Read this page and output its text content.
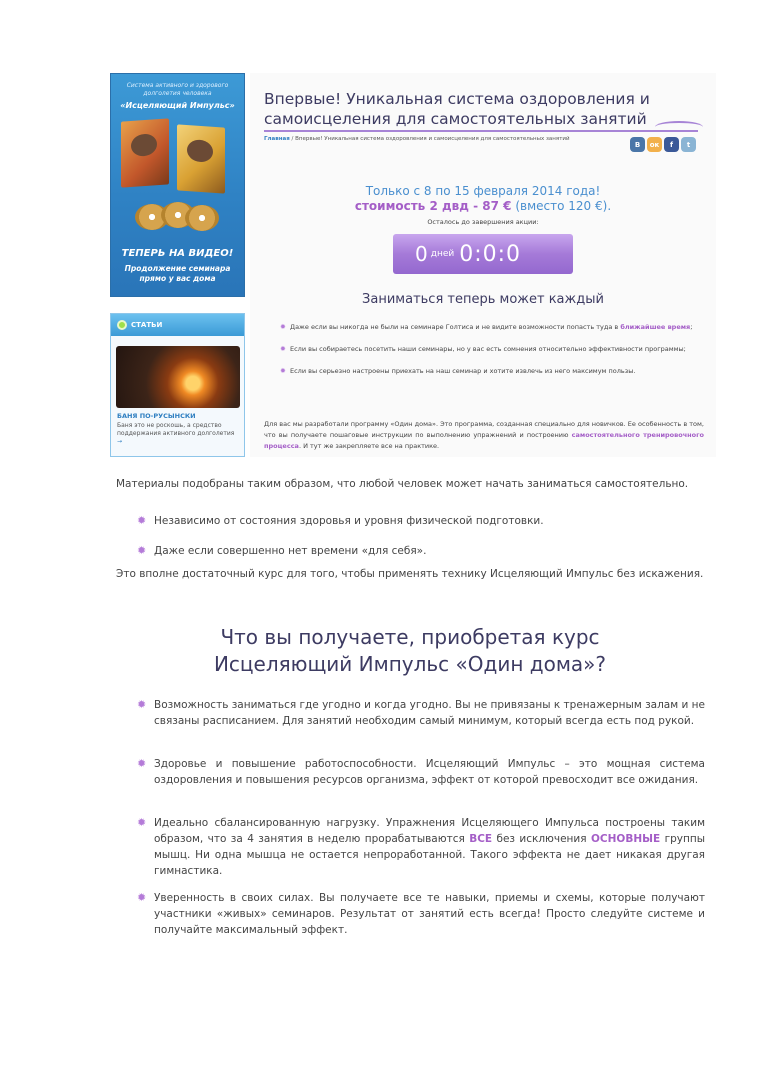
Система активного и здорового долголетия человека
«Исцеляющий Импульс»
ТЕПЕРЬ НА ВИДЕО!
Продолжение семинара прямо у вас дома
СТАТЬИ
БАНЯ ПО-РУСЫНСКИ
Баня это не роскошь, а средство поддержания активного долголетия →
Впервые! Уникальная система оздоровления и самоисцеления для самостоятельных занятий
Главная / Впервые! Уникальная система оздоровления и самоисцеления для самостоятельных занятий
В	ок	f	t
Только с 8 по 15 февраля 2014 года!
стоимость 2 двд - 87 € (вместо 120 €).
Осталось до завершения акции:
0 дней 0:0:0
Заниматься теперь может каждый
✹ Даже если вы никогда не были на семинаре Голтиса и не видите возможности попасть туда в ближайшее время;
✹ Если вы собираетесь посетить наши семинары, но у вас есть сомнения относительно эффективности программы;
✹ Если вы серьезно настроены приехать на наш семинар и хотите извлечь из него максимум пользы.
Для вас мы разработали программу «Один дома». Это программа, созданная специально для новичков. Ее особенность в том, что вы получаете пошаговые инструкции по выполнению упражнений и построению самостоятельного тренировочного процесса. И тут же закрепляете все на практике.
Материалы подобраны таким образом, что любой человек может начать заниматься самостоятельно.
✹ Независимо от состояния здоровья и уровня физической подготовки.
✹ Даже если совершенно нет времени «для себя».
Это вполне достаточный курс для того, чтобы применять технику Исцеляющий Импульс без искажения.
Что вы получаете, приобретая курс
Исцеляющий Импульс «Один дома»?
✹ Возможность заниматься где угодно и когда угодно. Вы не привязаны к тренажерным залам и не связаны расписанием. Для занятий необходим самый минимум, который всегда есть под рукой.
✹ Здоровье и повышение работоспособности. Исцеляющий Импульс – это мощная система оздоровления и повышения ресурсов организма, эффект от которой превосходит все ожидания.
✹ Идеально сбалансированную нагрузку. Упражнения Исцеляющего Импульса построены таким образом, что за 4 занятия в неделю прорабатываются ВСЕ без исключения ОСНОВНЫЕ группы мышц. Ни одна мышца не остается непроработанной. Такого эффекта не дает никакая другая гимнастика.
✹ Уверенность в своих силах. Вы получаете все те навыки, приемы и схемы, которые получают участники «живых» семинаров. Результат от занятий есть всегда! Просто следуйте системе и получайте максимальный эффект.
